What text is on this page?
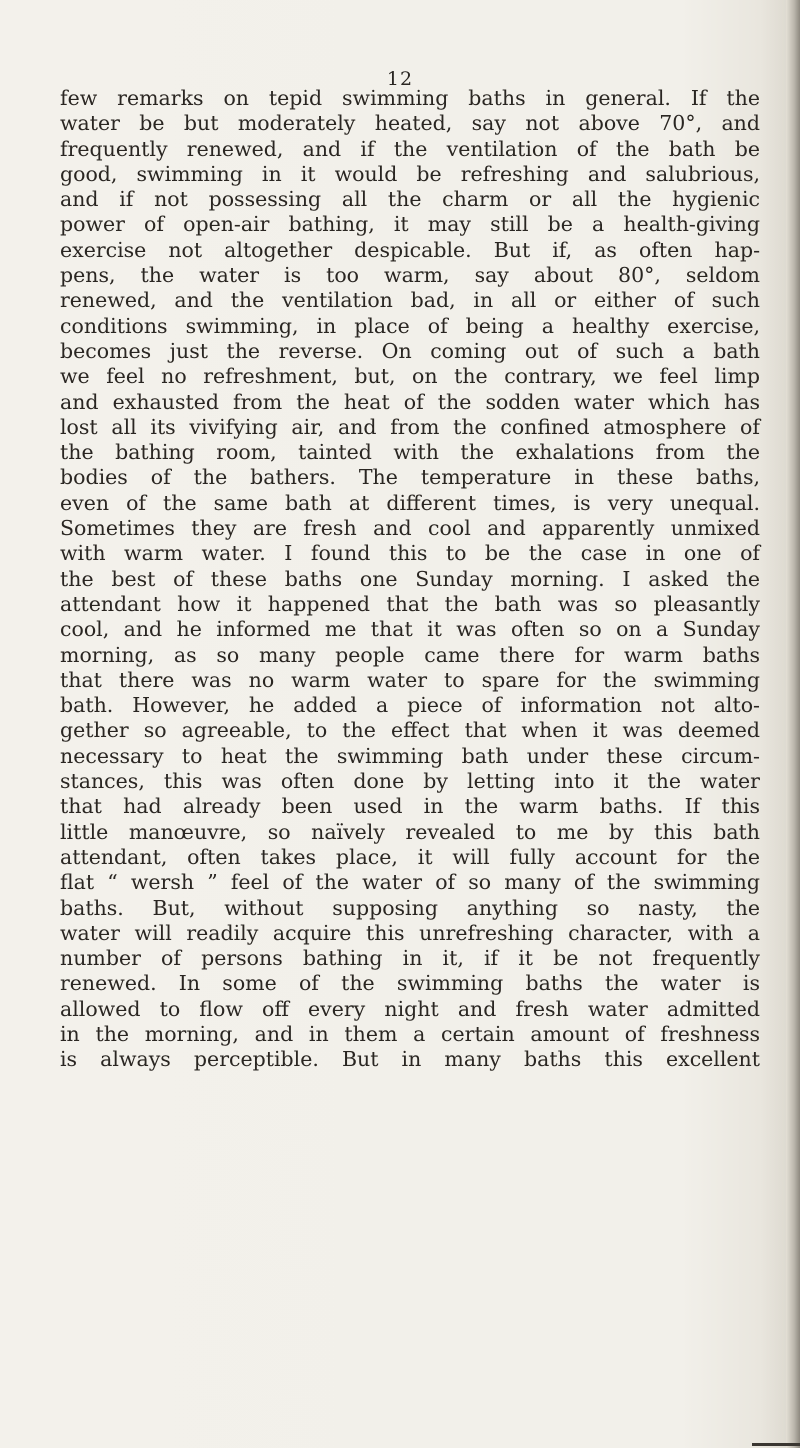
12
few remarks on tepid swimming baths in general. If the
water be but moderately heated, say not above 70°, and
frequently renewed, and if the ventilation of the bath be
good, swimming in it would be refreshing and salubrious,
and if not possessing all the charm or all the hygienic
power of open-air bathing, it may still be a health-giving
exercise not altogether despicable. But if, as often hap-
pens, the water is too warm, say about 80°, seldom
renewed, and the ventilation bad, in all or either of such
conditions swimming, in place of being a healthy exercise,
becomes just the reverse. On coming out of such a bath
we feel no refreshment, but, on the contrary, we feel limp
and exhausted from the heat of the sodden water which has
lost all its vivifying air, and from the confined atmosphere of
the bathing room, tainted with the exhalations from the
bodies of the bathers. The temperature in these baths,
even of the same bath at different times, is very unequal.
Sometimes they are fresh and cool and apparently unmixed
with warm water. I found this to be the case in one of
the best of these baths one Sunday morning. I asked the
attendant how it happened that the bath was so pleasantly
cool, and he informed me that it was often so on a Sunday
morning, as so many people came there for warm baths
that there was no warm water to spare for the swimming
bath. However, he added a piece of information not alto-
gether so agreeable, to the effect that when it was deemed
necessary to heat the swimming bath under these circum-
stances, this was often done by letting into it the water
that had already been used in the warm baths. If this
little manœuvre, so naïvely revealed to me by this bath
attendant, often takes place, it will fully account for the
flat “ wersh ” feel of the water of so many of the swimming
baths. But, without supposing anything so nasty, the
water will readily acquire this unrefreshing character, with a
number of persons bathing in it, if it be not frequently
renewed. In some of the swimming baths the water is
allowed to flow off every night and fresh water admitted
in the morning, and in them a certain amount of freshness
is always perceptible. But in many baths this excellent
